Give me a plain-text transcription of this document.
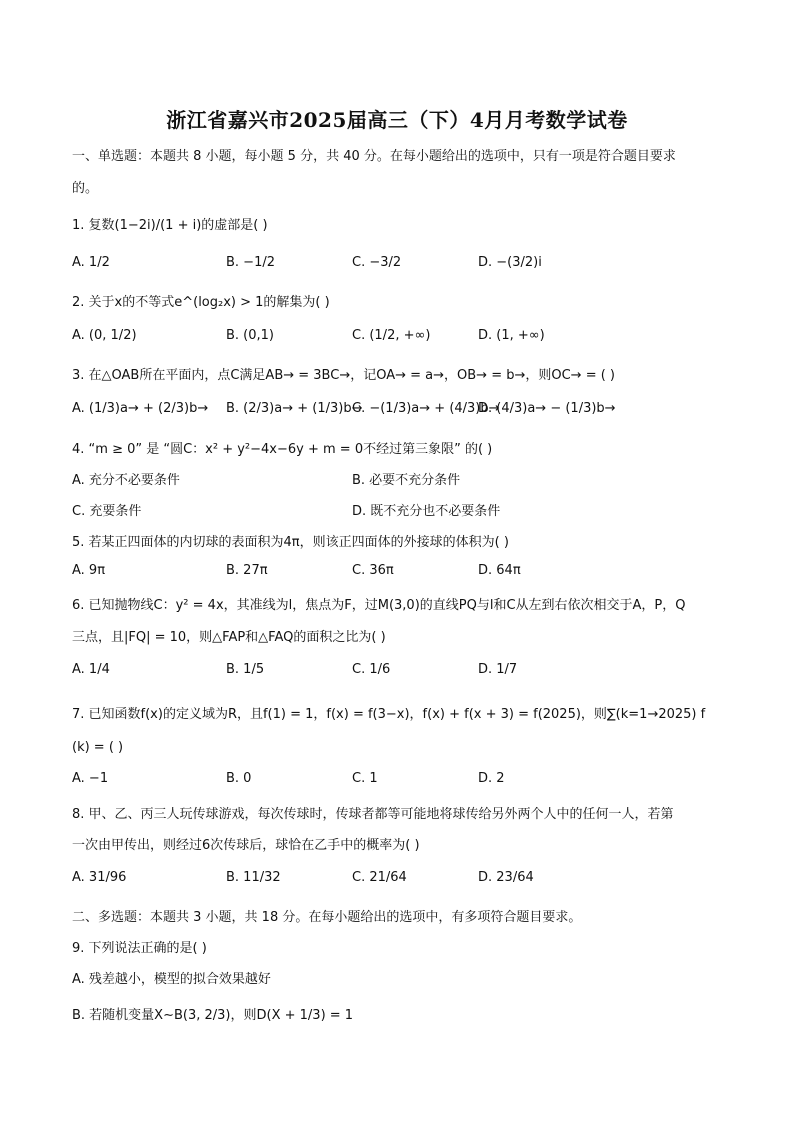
浙江省嘉兴市2025届高三（下）4月月考数学试卷
一、单选题：本题共 8 小题，每小题 5 分，共 40 分。在每小题给出的选项中，只有一项是符合题目要求
的。
1. 复数(1−2i)/(1 + i)的虚部是( )
A. 1/2	B. −1/2	C. −3/2	D. −(3/2)i
2. 关于x的不等式e^(log₂x) > 1的解集为( )
A. (0, 1/2)	B. (0,1)	C. (1/2, +∞)	D. (1, +∞)
3. 在△OAB所在平面内，点C满足AB→ = 3BC→，记OA→ = a→，OB→ = b→，则OC→ = ( )
A. (1/3)a→ + (2/3)b→ B. (2/3)a→ + (1/3)b→
C. −(1/3)a→ + (4/3)b→
D. (4/3)a→ − (1/3)b→
4. “m ≥ 0” 是 “圆C：x² + y²−4x−6y + m = 0不经过第三象限” 的( )
A. 充分不必要条件	B. 必要不充分条件
C. 充要条件	D. 既不充分也不必要条件
5. 若某正四面体的内切球的表面积为4π，则该正四面体的外接球的体积为( )
A. 9π	B. 27π	C. 36π	D. 64π
6. 已知抛物线C：y² = 4x，其准线为l，焦点为F，过M(3,0)的直线PQ与l和C从左到右依次相交于A，P，Q
三点，且|FQ| = 10，则△FAP和△FAQ的面积之比为( )
A. 1/4	B. 1/5	C. 1/6	D. 1/7
7. 已知函数f(x)的定义域为R，且f(1) = 1，f(x) = f(3−x)，f(x) + f(x + 3) = f(2025)，则∑(k=1→2025) f
(k) = ( )
A. −1	B. 0	C. 1	D. 2
8. 甲、乙、丙三人玩传球游戏，每次传球时，传球者都等可能地将球传给另外两个人中的任何一人，若第
一次由甲传出，则经过6次传球后，球恰在乙手中的概率为( )
A. 31/96	B. 11/32	C. 21/64	D. 23/64
二、多选题：本题共 3 小题，共 18 分。在每小题给出的选项中，有多项符合题目要求。
9. 下列说法正确的是( )
A. 残差越小，模型的拟合效果越好
B. 若随机变量X∼B(3, 2/3)，则D(X + 1/3) = 1
